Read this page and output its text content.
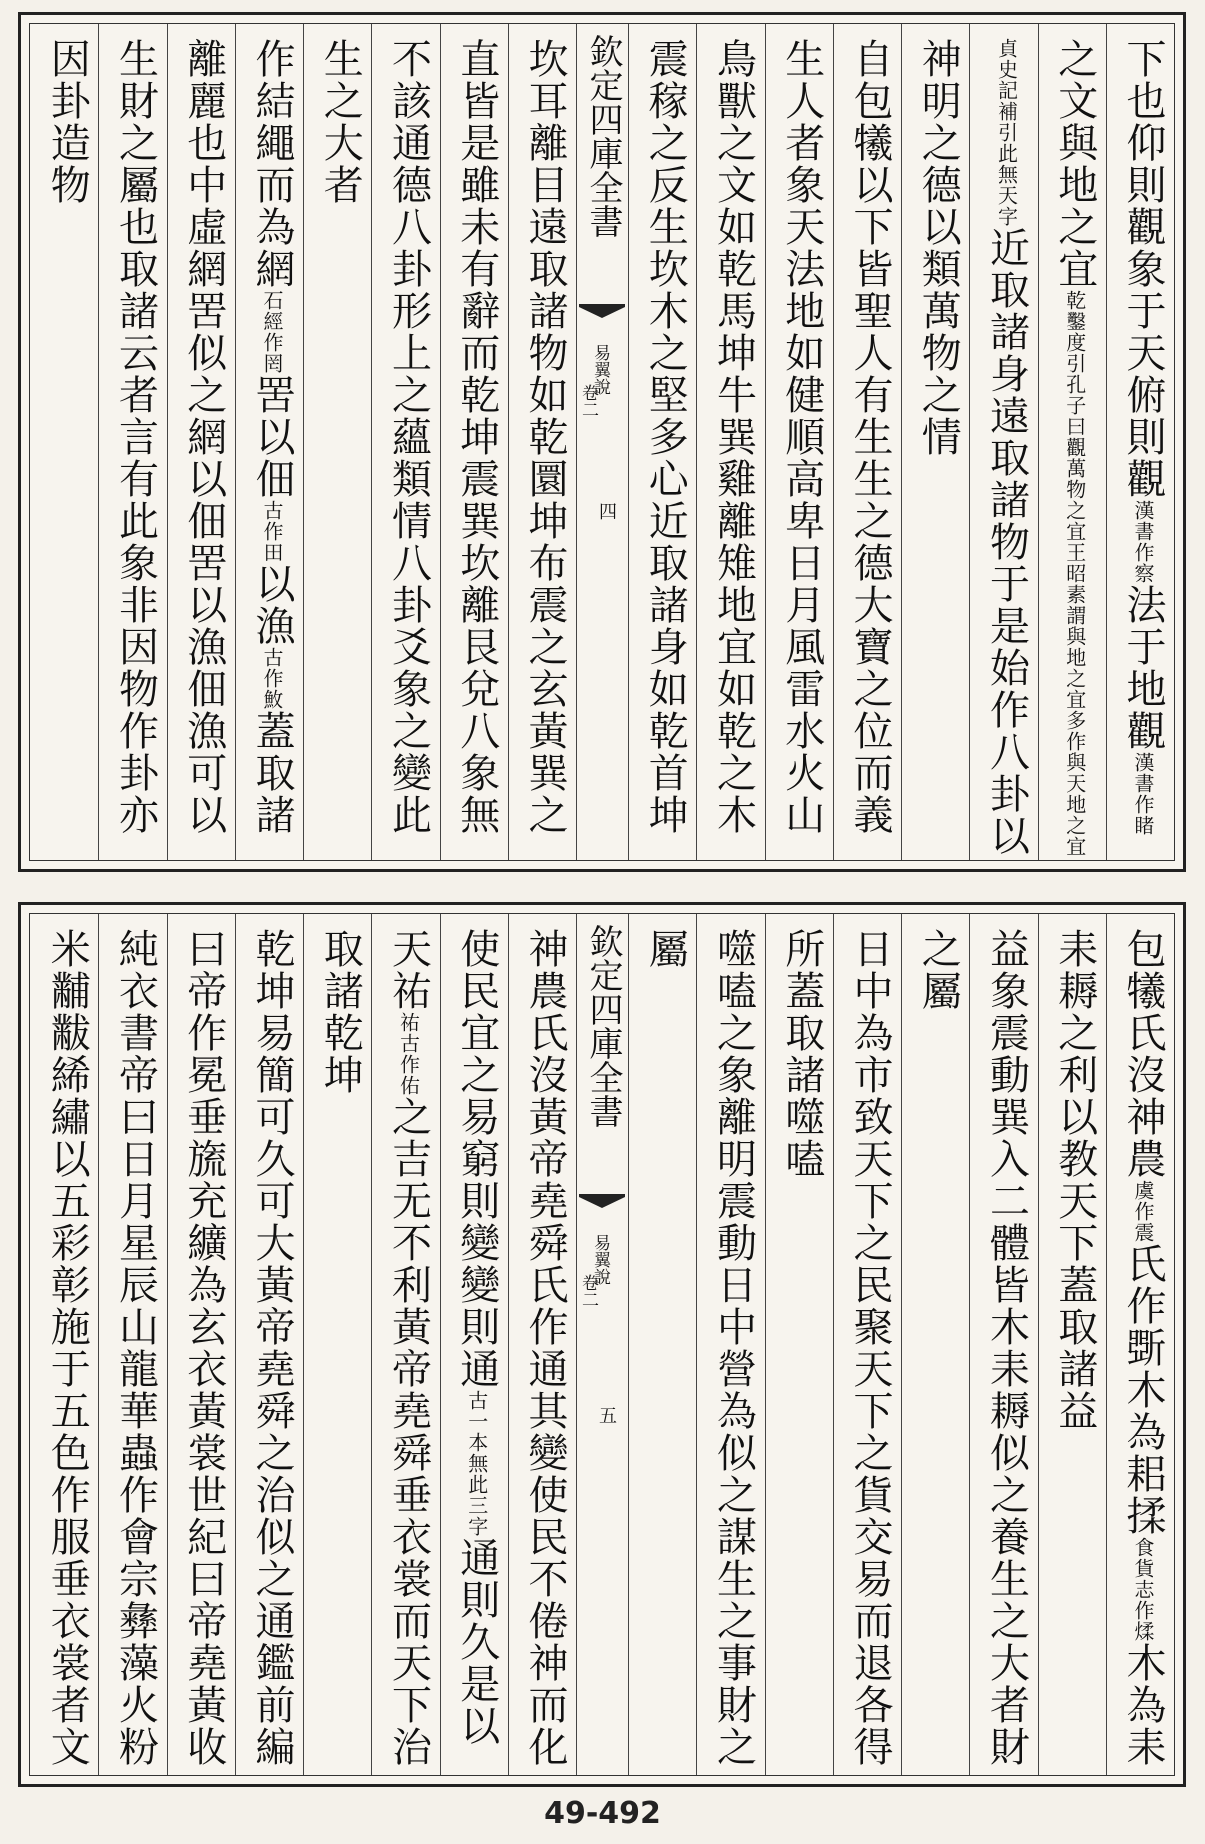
下也仰則觀象于天俯則觀漢書作察法于地觀漢書作睹
之文與地之宜乾鑿度引孔子曰觀萬物之宜王昭素謂與地之宜多作與天地之宜
貞史記補引此無天字近取諸身遠取諸物于是始作八卦以
神明之德以類萬物之情
自包犧以下皆聖人有生生之德大寶之位而義
生人者象天法地如健順高卑日月風雷水火山
鳥獸之文如乾馬坤牛巽雞離雉地宜如乾之木
震稼之反生坎木之堅多心近取諸身如乾首坤
欽定四庫全書
易翼說
卷二
四
坎耳離目遠取諸物如乾圜坤布震之玄黃巽之
直皆是雖未有辭而乾坤震巽坎離艮兌八象無
不該通德八卦形上之蘊類情八卦爻象之變此
生之大者
作結繩而為網石經作罔罟以佃古作田以漁古作䰻蓋取諸
離麗也中虛網罟似之網以佃罟以漁佃漁可以
生財之屬也取諸云者言有此象非因物作卦亦
因卦造物
包犧氏沒神農虞作震氏作斲木為耜揉食貨志作煣木為耒
耒耨之利以教天下蓋取諸益
益象震動巽入二體皆木耒耨似之養生之大者財
之屬
日中為市致天下之民聚天下之貨交易而退各得
所蓋取諸噬嗑
噬嗑之象離明震動日中營為似之謀生之事財之
屬
欽定四庫全書
易翼說
卷二
五
神農氏沒黃帝堯舜氏作通其變使民不倦神而化
使民宜之易窮則變變則通古一本無此三字通則久是以
天祐祐古作佑之吉无不利黃帝堯舜垂衣裳而天下治
取諸乾坤
乾坤易簡可久可大黃帝堯舜之治似之通鑑前編
曰帝作冕垂旒充纊為玄衣黃裳世紀曰帝堯黃收
純衣書帝曰日月星辰山龍華蟲作會宗彝藻火粉
米黼黻絺繡以五彩彰施于五色作服垂衣裳者文
49-492
